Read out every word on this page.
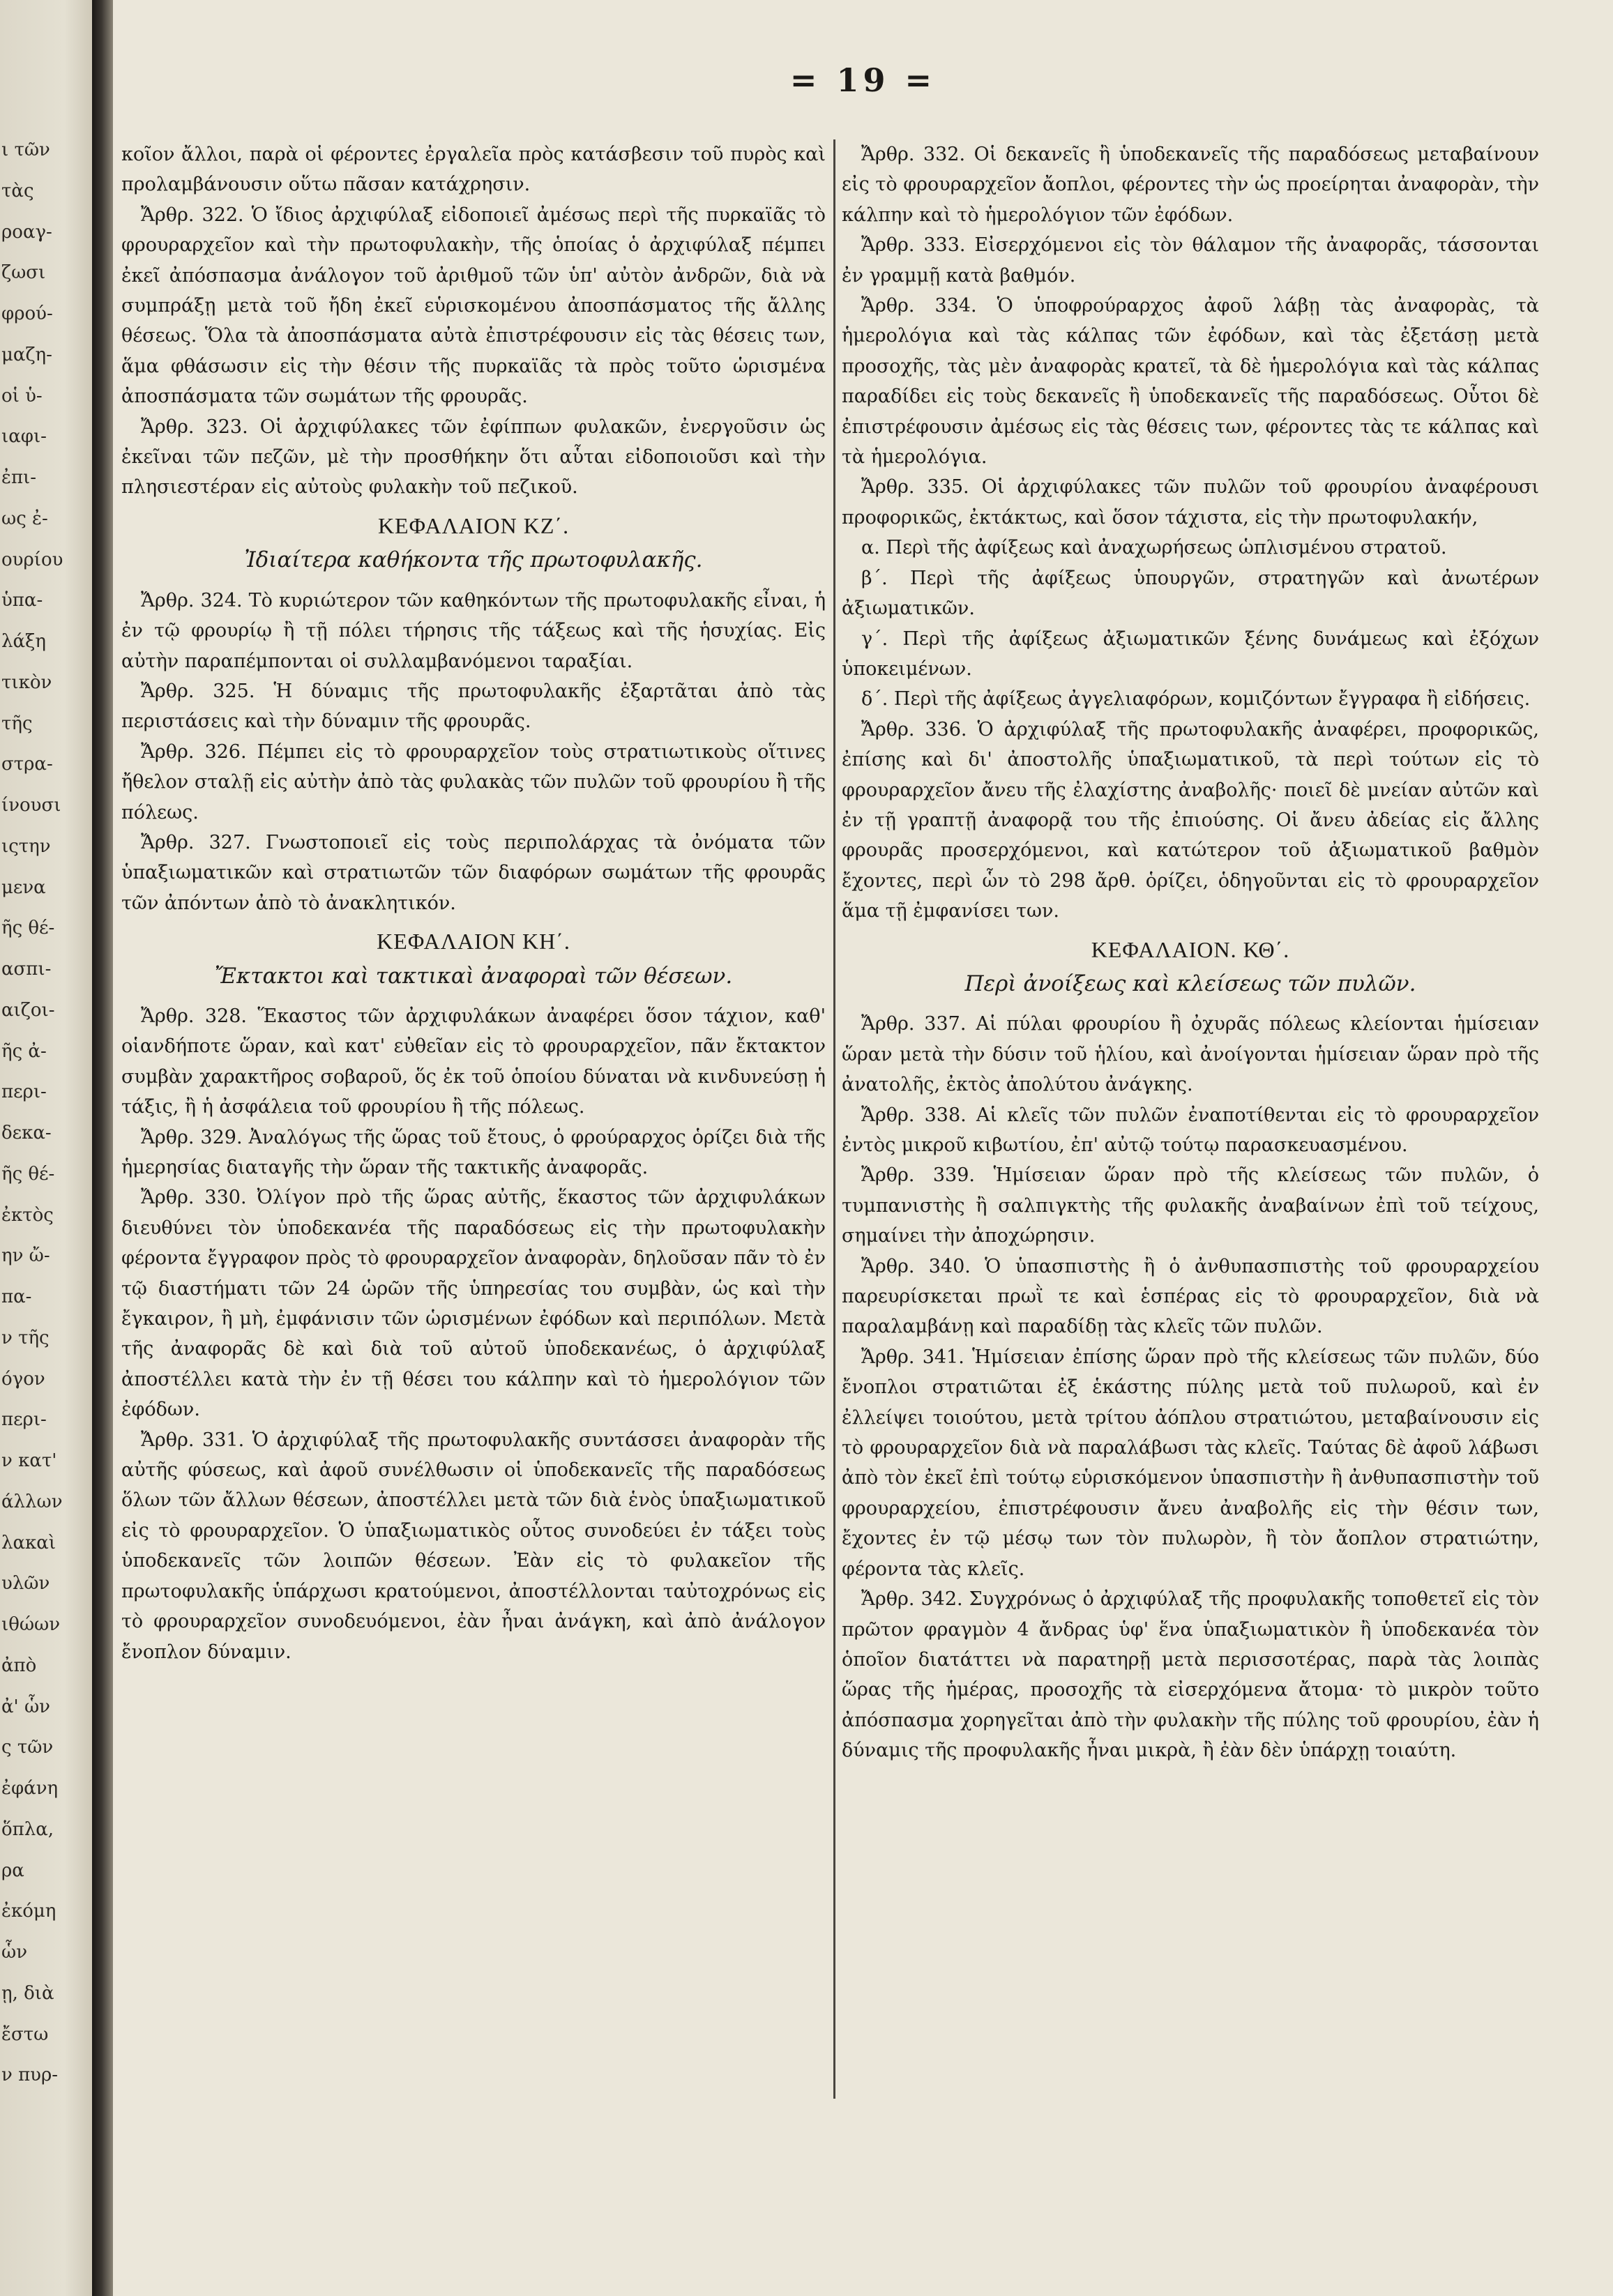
ι τῶν
τὰς
ροαγ-
ζωσι
φρού-
μαζη-
οἱ ὑ-
ιαφι-
ἐπι-
ως ἐ-
ουρίου
ὑπα-
λάξη
τικὸν
τῆς
στρα-
ίνουσι
ιςτην
μενα
ῆς θέ-
ασπι-
αιζοι-
ῆς ἀ-
περι-
δεκα-
ῆς θέ-
ἐκτὸς
ην ὤ-
πα-
ν τῆς
όγον
περι-
ν κατ'
άλλων
λακαὶ
υλῶν
ιθώων
ἀπὸ
ἀ' ὧν
ς τῶν
ἐφάνη
ὅπλα,
ρα
ἐκόμη
ὧν
ῃ, διὰ
ἔστω
ν πυρ-
= 19 =

κοῖον ἄλλοι, παρὰ οἱ φέροντες ἐργαλεῖα πρὸς κατάσβεσιν τοῦ πυρὸς καὶ προλαμβάνουσιν οὕτω πᾶσαν κατάχρησιν.

Ἄρθρ. 322. Ὁ ἴδιος ἀρχιφύλαξ εἰδοποιεῖ ἀμέσως περὶ τῆς πυρκαϊᾶς τὸ φρουραρχεῖον καὶ τὴν πρωτοφυλακὴν, τῆς ὁποίας ὁ ἀρχιφύλαξ πέμπει ἐκεῖ ἀπόσπασμα ἀνάλογον τοῦ ἀριθμοῦ τῶν ὑπ' αὐτὸν ἀνδρῶν, διὰ νὰ συμπράξῃ μετὰ τοῦ ἤδη ἐκεῖ εὑρισκομένου ἀποσπάσματος τῆς ἄλλης θέσεως. Ὅλα τὰ ἀποσπάσματα αὐτὰ ἐπιστρέφουσιν εἰς τὰς θέσεις των, ἅμα φθάσωσιν εἰς τὴν θέσιν τῆς πυρκαϊᾶς τὰ πρὸς τοῦτο ὡρισμένα ἀποσπάσματα τῶν σωμάτων τῆς φρουρᾶς.

Ἄρθρ. 323. Οἱ ἀρχιφύλακες τῶν ἐφίππων φυλακῶν, ἐνεργοῦσιν ὡς ἐκεῖναι τῶν πεζῶν, μὲ τὴν προσθήκην ὅτι αὗται εἰδοποιοῦσι καὶ τὴν πλησιεστέραν εἰς αὐτοὺς φυλακὴν τοῦ πεζικοῦ.

ΚΕΦΑΛΑΙΟΝ ΚΖ΄.
Ἰδιαίτερα καθήκοντα τῆς πρωτοφυλακῆς.

Ἄρθρ. 324. Τὸ κυριώτερον τῶν καθηκόντων τῆς πρωτοφυλακῆς εἶναι, ἡ ἐν τῷ φρουρίῳ ἢ τῇ πόλει τήρησις τῆς τάξεως καὶ τῆς ἡσυχίας. Εἰς αὐτὴν παραπέμπονται οἱ συλλαμβανόμενοι ταραξίαι.

Ἄρθρ. 325. Ἡ δύναμις τῆς πρωτοφυλακῆς ἐξαρτᾶται ἀπὸ τὰς περιστάσεις καὶ τὴν δύναμιν τῆς φρουρᾶς.

Ἄρθρ. 326. Πέμπει εἰς τὸ φρουραρχεῖον τοὺς στρατιωτικοὺς οἵτινες ἤθελον σταλῇ εἰς αὐτὴν ἀπὸ τὰς φυλακὰς τῶν πυλῶν τοῦ φρουρίου ἢ τῆς πόλεως.

Ἄρθρ. 327. Γνωστοποιεῖ εἰς τοὺς περιπολάρχας τὰ ὀνόματα τῶν ὑπαξιωματικῶν καὶ στρατιωτῶν τῶν διαφόρων σωμάτων τῆς φρουρᾶς τῶν ἀπόντων ἀπὸ τὸ ἀνακλητικόν.

ΚΕΦΑΛΑΙΟΝ ΚΗ΄.
Ἔκτακτοι καὶ τακτικαὶ ἀναφοραὶ τῶν θέσεων.

Ἄρθρ. 328. Ἕκαστος τῶν ἀρχιφυλάκων ἀναφέρει ὅσον τάχιον, καθ' οἱανδήποτε ὥραν, καὶ κατ' εὐθεῖαν εἰς τὸ φρουραρχεῖον, πᾶν ἔκτακτον συμβὰν χαρακτῆρος σοβαροῦ, ὅς ἐκ τοῦ ὁποίου δύναται νὰ κινδυνεύσῃ ἡ τάξις, ἢ ἡ ἀσφάλεια τοῦ φρουρίου ἢ τῆς πόλεως.

Ἄρθρ. 329. Ἀναλόγως τῆς ὥρας τοῦ ἔτους, ὁ φρούραρχος ὁρίζει διὰ τῆς ἡμερησίας διαταγῆς τὴν ὥραν τῆς τακτικῆς ἀναφορᾶς.

Ἄρθρ. 330. Ὀλίγον πρὸ τῆς ὥρας αὐτῆς, ἕκαστος τῶν ἀρχιφυλάκων διευθύνει τὸν ὑποδεκανέα τῆς παραδόσεως εἰς τὴν πρωτοφυλακὴν φέροντα ἔγγραφον πρὸς τὸ φρουραρχεῖον ἀναφορὰν, δηλοῦσαν πᾶν τὸ ἐν τῷ διαστήματι τῶν 24 ὡρῶν τῆς ὑπηρεσίας του συμβὰν, ὡς καὶ τὴν ἔγκαιρον, ἢ μὴ, ἐμφάνισιν τῶν ὡρισμένων ἐφόδων καὶ περιπόλων. Μετὰ τῆς ἀναφορᾶς δὲ καὶ διὰ τοῦ αὐτοῦ ὑποδεκανέως, ὁ ἀρχιφύλαξ ἀποστέλλει κατὰ τὴν ἐν τῇ θέσει του κάλπην καὶ τὸ ἡμερολόγιον τῶν ἐφόδων.

Ἄρθρ. 331. Ὁ ἀρχιφύλαξ τῆς πρωτοφυλακῆς συντάσσει ἀναφορὰν τῆς αὐτῆς φύσεως, καὶ ἀφοῦ συνέλθωσιν οἱ ὑποδεκανεῖς τῆς παραδόσεως ὅλων τῶν ἄλλων θέσεων, ἀποστέλλει μετὰ τῶν διὰ ἑνὸς ὑπαξιωματικοῦ εἰς τὸ φρουραρχεῖον. Ὁ ὑπαξιωματικὸς οὗτος συνοδεύει ἐν τάξει τοὺς ὑποδεκανεῖς τῶν λοιπῶν θέσεων. Ἐὰν εἰς τὸ φυλακεῖον τῆς πρωτοφυλακῆς ὑπάρχωσι κρατούμενοι, ἀποστέλλονται ταὐτοχρόνως εἰς τὸ φρουραρχεῖον συνοδευόμενοι, ἐὰν ἦναι ἀνάγκη, καὶ ἀπὸ ἀνάλογον ἔνοπλον δύναμιν.

Ἄρθρ. 332. Οἱ δεκανεῖς ἢ ὑποδεκανεῖς τῆς παραδόσεως μεταβαίνουν εἰς τὸ φρουραρχεῖον ἄοπλοι, φέροντες τὴν ὡς προείρηται ἀναφορὰν, τὴν κάλπην καὶ τὸ ἡμερολόγιον τῶν ἐφόδων.

Ἄρθρ. 333. Εἰσερχόμενοι εἰς τὸν θάλαμον τῆς ἀναφορᾶς, τάσσονται ἐν γραμμῇ κατὰ βαθμόν.

Ἄρθρ. 334. Ὁ ὑποφρούραρχος ἀφοῦ λάβῃ τὰς ἀναφορὰς, τὰ ἡμερολόγια καὶ τὰς κάλπας τῶν ἐφόδων, καὶ τὰς ἐξετάσῃ μετὰ προσοχῆς, τὰς μὲν ἀναφορὰς κρατεῖ, τὰ δὲ ἡμερολόγια καὶ τὰς κάλπας παραδίδει εἰς τοὺς δεκανεῖς ἢ ὑποδεκανεῖς τῆς παραδόσεως. Οὗτοι δὲ ἐπιστρέφουσιν ἀμέσως εἰς τὰς θέσεις των, φέροντες τὰς τε κάλπας καὶ τὰ ἡμερολόγια.

Ἄρθρ. 335. Οἱ ἀρχιφύλακες τῶν πυλῶν τοῦ φρουρίου ἀναφέρουσι προφορικῶς, ἐκτάκτως, καὶ ὅσον τάχιστα, εἰς τὴν πρωτοφυλακήν,

α. Περὶ τῆς ἀφίξεως καὶ ἀναχωρήσεως ὡπλισμένου στρατοῦ.

β΄. Περὶ τῆς ἀφίξεως ὑπουργῶν, στρατηγῶν καὶ ἀνωτέρων ἀξιωματικῶν.

γ΄. Περὶ τῆς ἀφίξεως ἀξιωματικῶν ξένης δυνάμεως καὶ ἐξόχων ὑποκειμένων.

δ΄. Περὶ τῆς ἀφίξεως ἀγγελιαφόρων, κομιζόντων ἔγγραφα ἢ εἰδήσεις.

Ἄρθρ. 336. Ὁ ἀρχιφύλαξ τῆς πρωτοφυλακῆς ἀναφέρει, προφορικῶς, ἐπίσης καὶ δι' ἀποστολῆς ὑπαξιωματικοῦ, τὰ περὶ τούτων εἰς τὸ φρουραρχεῖον ἄνευ τῆς ἐλαχίστης ἀναβολῆς· ποιεῖ δὲ μνείαν αὐτῶν καὶ ἐν τῇ γραπτῇ ἀναφορᾷ του τῆς ἐπιούσης. Οἱ ἄνευ ἀδείας εἰς ἄλλης φρουρᾶς προσερχόμενοι, καὶ κατώτερον τοῦ ἀξιωματικοῦ βαθμὸν ἔχοντες, περὶ ὧν τὸ 298 ἄρθ. ὁρίζει, ὁδηγοῦνται εἰς τὸ φρουραρχεῖον ἅμα τῇ ἐμφανίσει των.

ΚΕΦΑΛΑΙΟΝ. ΚΘ΄.
Περὶ ἀνοίξεως καὶ κλείσεως τῶν πυλῶν.

Ἄρθρ. 337. Αἱ πύλαι φρουρίου ἢ ὀχυρᾶς πόλεως κλείονται ἡμίσειαν ὥραν μετὰ τὴν δύσιν τοῦ ἡλίου, καὶ ἀνοίγονται ἡμίσειαν ὥραν πρὸ τῆς ἀνατολῆς, ἐκτὸς ἀπολύτου ἀνάγκης.

Ἄρθρ. 338. Αἱ κλεῖς τῶν πυλῶν ἐναποτίθενται εἰς τὸ φρουραρχεῖον ἐντὸς μικροῦ κιβωτίου, ἐπ' αὐτῷ τούτῳ παρασκευασμένου.

Ἄρθρ. 339. Ἡμίσειαν ὥραν πρὸ τῆς κλείσεως τῶν πυλῶν, ὁ τυμπανιστὴς ἢ σαλπιγκτὴς τῆς φυλακῆς ἀναβαίνων ἐπὶ τοῦ τείχους, σημαίνει τὴν ἀποχώρησιν.

Ἄρθρ. 340. Ὁ ὑπασπιστὴς ἢ ὁ ἀνθυπασπιστὴς τοῦ φρουραρχείου παρευρίσκεται πρωῒ τε καὶ ἑσπέρας εἰς τὸ φρουραρχεῖον, διὰ νὰ παραλαμβάνῃ καὶ παραδίδῃ τὰς κλεῖς τῶν πυλῶν.

Ἄρθρ. 341. Ἡμίσειαν ἐπίσης ὥραν πρὸ τῆς κλείσεως τῶν πυλῶν, δύο ἔνοπλοι στρατιῶται ἐξ ἑκάστης πύλης μετὰ τοῦ πυλωροῦ, καὶ ἐν ἐλλείψει τοιούτου, μετὰ τρίτου ἀόπλου στρατιώτου, μεταβαίνουσιν εἰς τὸ φρουραρχεῖον διὰ νὰ παραλάβωσι τὰς κλεῖς. Ταύτας δὲ ἀφοῦ λάβωσι ἀπὸ τὸν ἐκεῖ ἐπὶ τούτῳ εὑρισκόμενον ὑπασπιστὴν ἢ ἀνθυπασπιστὴν τοῦ φρουραρχείου, ἐπιστρέφουσιν ἄνευ ἀναβολῆς εἰς τὴν θέσιν των, ἔχοντες ἐν τῷ μέσῳ των τὸν πυλωρὸν, ἢ τὸν ἄοπλον στρατιώτην, φέροντα τὰς κλεῖς.

Ἄρθρ. 342. Συγχρόνως ὁ ἀρχιφύλαξ τῆς προφυλακῆς τοποθετεῖ εἰς τὸν πρῶτον φραγμὸν 4 ἄνδρας ὑφ' ἕνα ὑπαξιωματικὸν ἢ ὑποδεκανέα τὸν ὁποῖον διατάττει νὰ παρατηρῇ μετὰ περισσοτέρας, παρὰ τὰς λοιπὰς ὥρας τῆς ἡμέρας, προσοχῆς τὰ εἰσερχόμενα ἄτομα· τὸ μικρὸν τοῦτο ἀπόσπασμα χορηγεῖται ἀπὸ τὴν φυλακὴν τῆς πύλης τοῦ φρουρίου, ἐὰν ἡ δύναμις τῆς προφυλακῆς ἦναι μικρὰ, ἢ ἐὰν δὲν ὑπάρχῃ τοιαύτη.
